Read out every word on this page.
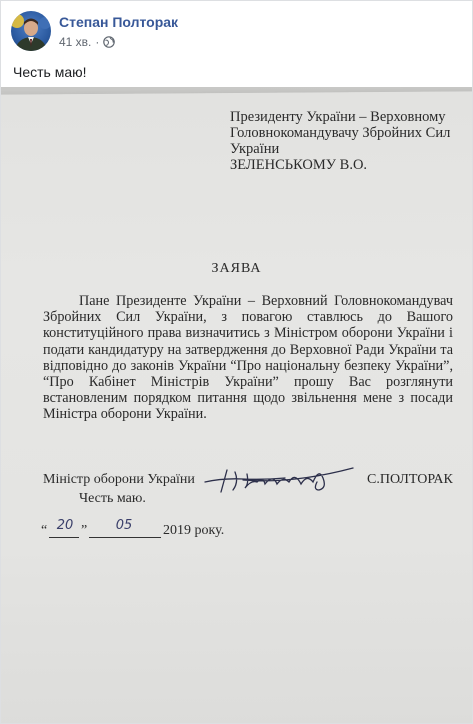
Степан Полторак
41 хв. ·
Честь маю!
Президенту України – Верховному
Головнокомандувачу Збройних Сил
України
ЗЕЛЕНСЬКОМУ В.О.
ЗАЯВА
Пане Президенте України – Верховний Головнокомандувач Збройних Сил України, з повагою ставлюсь до Вашого конституційного права визначитись з Міністром оборони України і подати кандидатуру на затвердження до Верховної Ради України та відповідно до законів України “Про національну безпеку України”, “Про Кабінет Міністрів України” прошу Вас розглянути встановленим порядком питання щодо звільнення мене з посади Міністра оборони України.
Честь маю.
Міністр оборони України	С.ПОЛТОРАК
“ 20 ”	05	2019 року.
